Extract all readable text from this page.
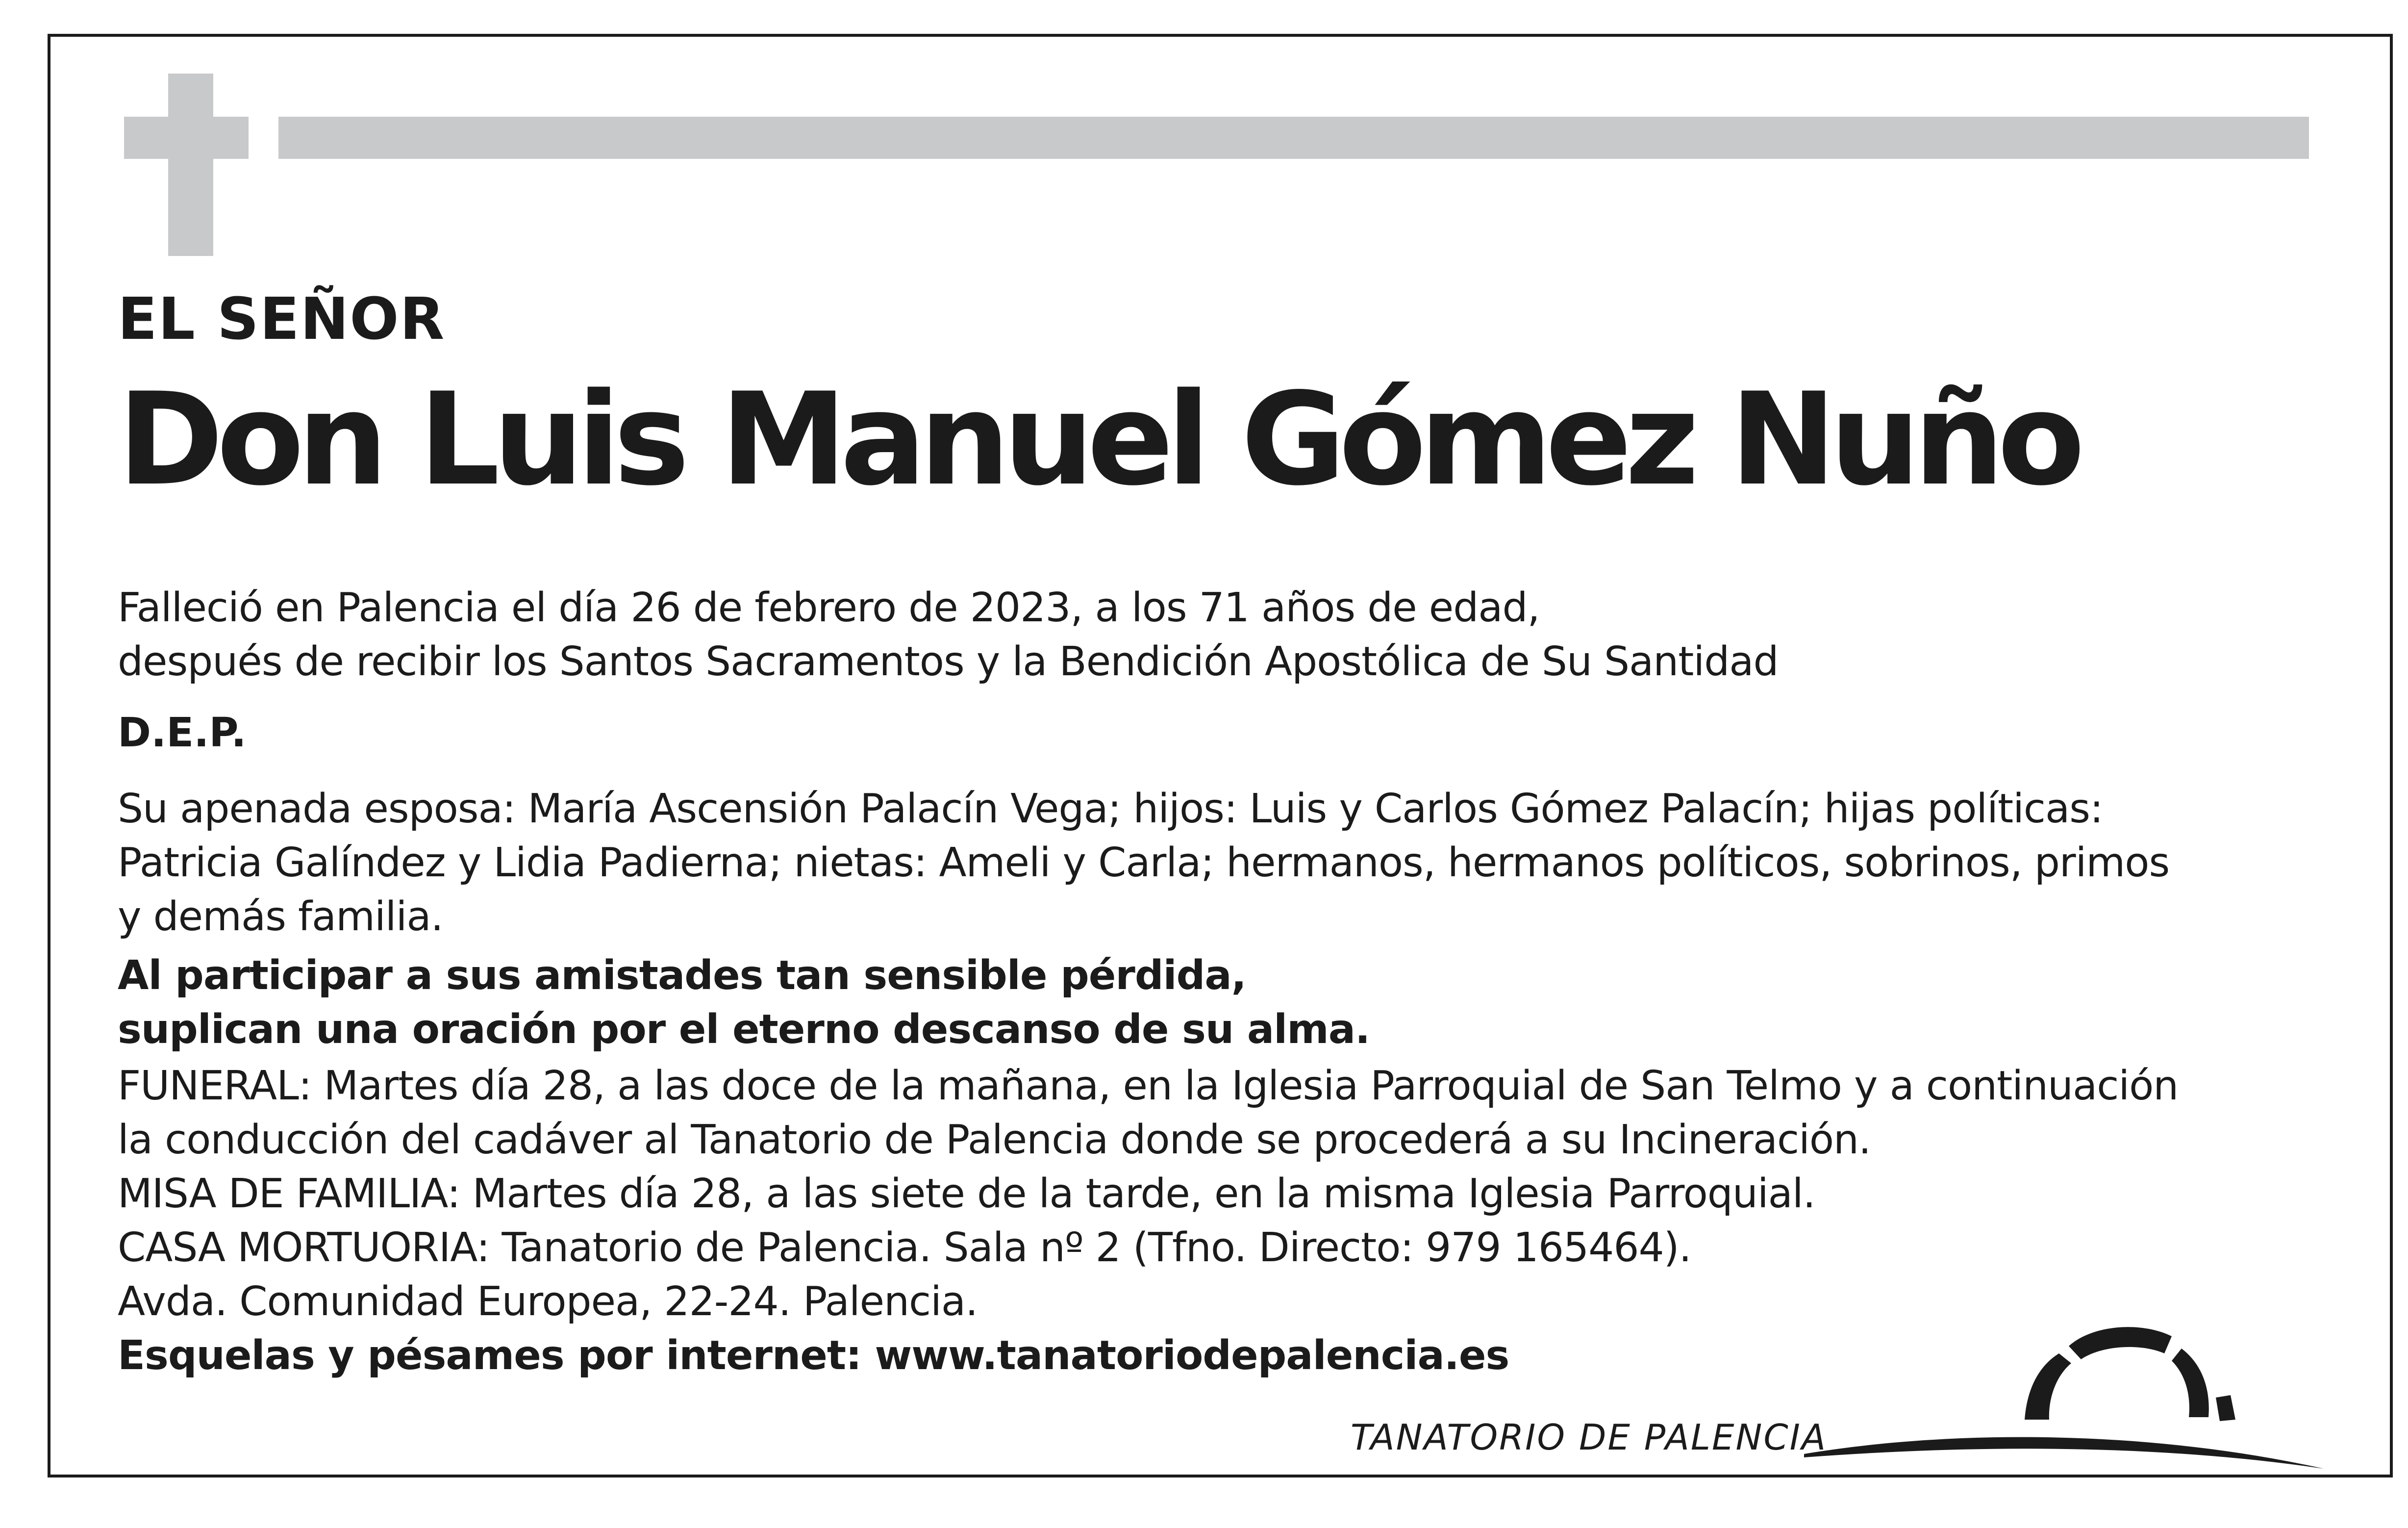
EL SEÑOR
Don Luis Manuel Gómez Nuño
Falleció en Palencia el día 26 de febrero de 2023, a los 71 años de edad,
después de recibir los Santos Sacramentos y la Bendición Apostólica de Su Santidad
D.E.P.
Su apenada esposa: María Ascensión Palacín Vega; hijos: Luis y Carlos Gómez Palacín; hijas políticas:
Patricia Galíndez y Lidia Padierna; nietas: Ameli y Carla; hermanos, hermanos políticos, sobrinos, primos
y demás familia.
Al participar a sus amistades tan sensible pérdida,
suplican una oración por el eterno descanso de su alma.
FUNERAL: Martes día 28, a las doce de la mañana, en la Iglesia Parroquial de San Telmo y a continuación
la conducción del cadáver al Tanatorio de Palencia donde se procederá a su Incineración.
MISA DE FAMILIA: Martes día 28, a las siete de la tarde, en la misma Iglesia Parroquial.
CASA MORTUORIA: Tanatorio de Palencia. Sala nº 2 (Tfno. Directo: 979 165464).
Avda. Comunidad Europea, 22-24. Palencia.
Esquelas y pésames por internet: www.tanatoriodepalencia.es
TANATORIO DE PALENCIA
